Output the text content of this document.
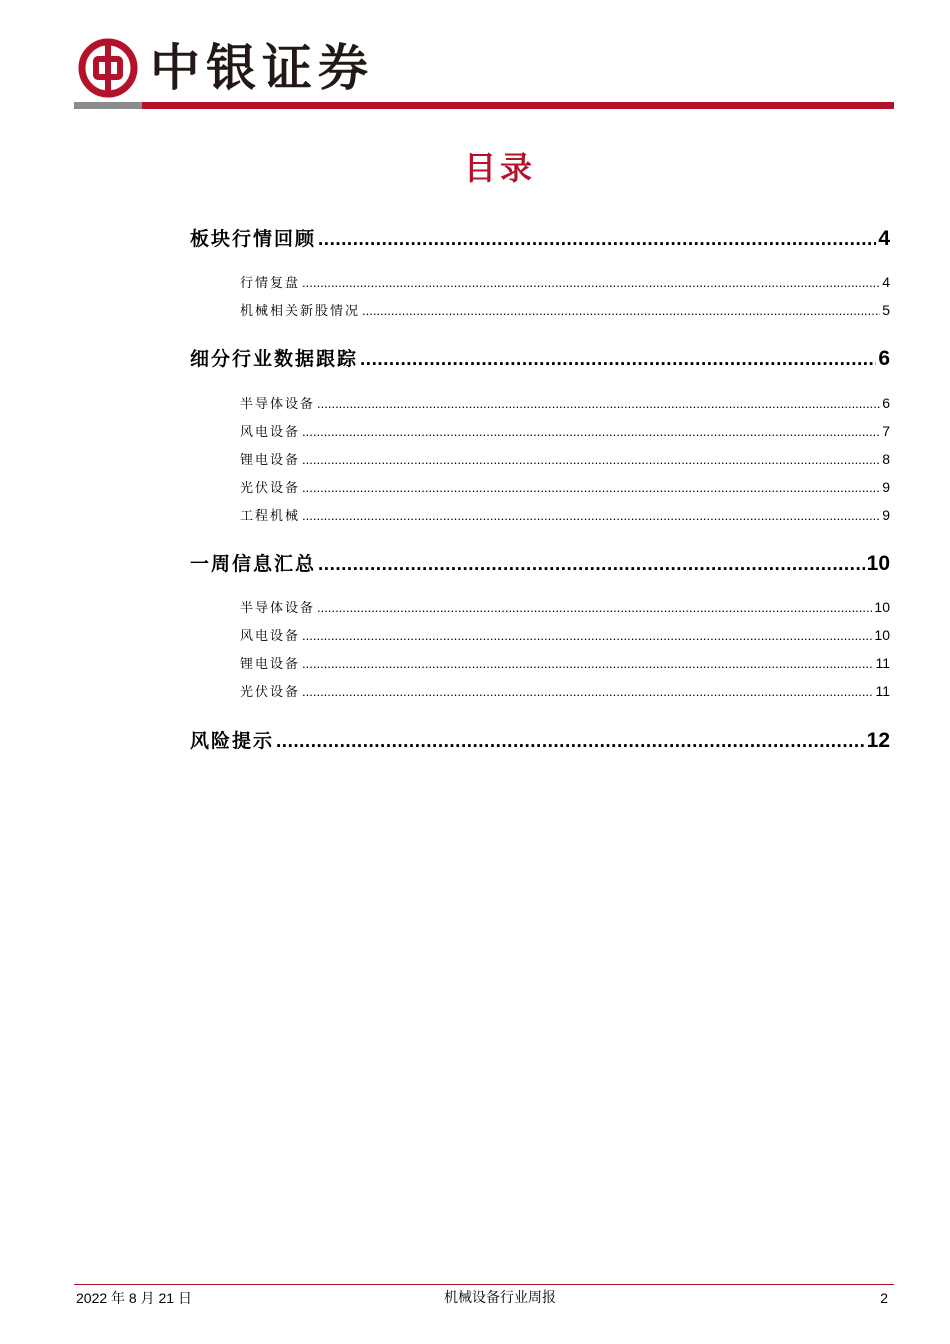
中银证券
目录
板块行情回顾 .....	4
行情复盘 .....	4
机械相关新股情况 .....	5
细分行业数据跟踪 .....	6
半导体设备 .....	6
风电设备 .....	7
锂电设备 .....	8
光伏设备 .....	9
工程机械 .....	9
一周信息汇总 .....	10
半导体设备 .....	10
风电设备 .....	10
锂电设备 .....	11
光伏设备 .....	11
风险提示 .....	12
2022 年 8 月 21 日	机械设备行业周报	2
